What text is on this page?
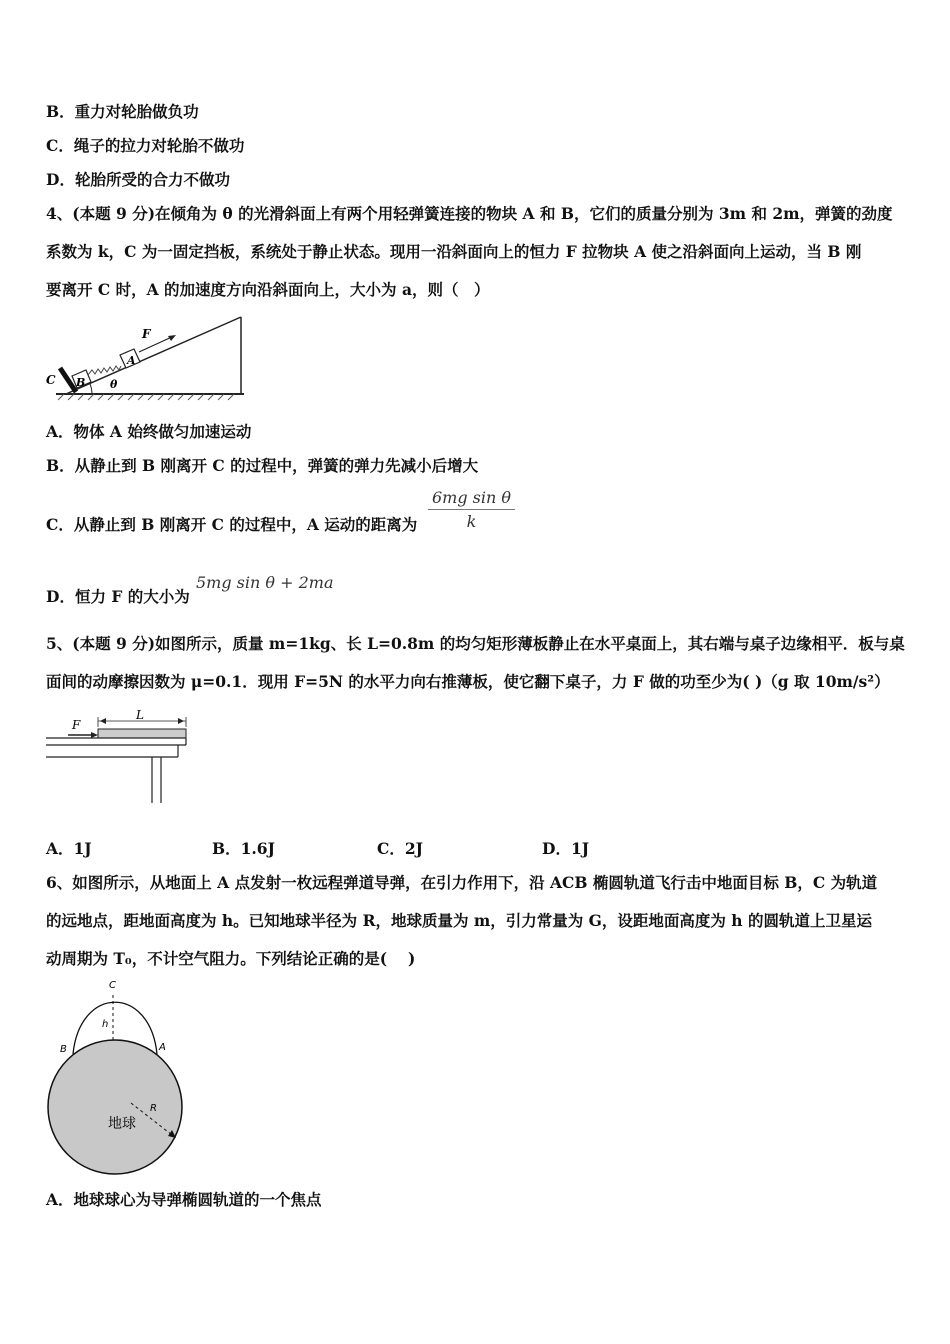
B．重力对轮胎做负功
C．绳子的拉力对轮胎不做功
D．轮胎所受的合力不做功
4、(本题 9 分)在倾角为 θ 的光滑斜面上有两个用轻弹簧连接的物块 A 和 B，它们的质量分别为 3m 和 2m，弹簧的劲度
系数为 k，C 为一固定挡板，系统处于静止状态。现用一沿斜面向上的恒力 F 拉物块 A 使之沿斜面向上运动，当 B 刚
要离开 C 时，A 的加速度方向沿斜面向上，大小为 a，则（　）
F
A
B
C	θ
A．物体 A 始终做匀加速运动
B．从静止到 B 刚离开 C 的过程中，弹簧的弹力先减小后增大
C．从静止到 B 刚离开 C 的过程中，A 运动的距离为 $\frac{\text{6mg sin θ}}{k}$
D．恒力 F 的大小为
5mg sin θ + 2ma
5、(本题 9 分)如图所示，质量 m=1kg、长 L=0.8m 的均匀矩形薄板静止在水平桌面上，其右端与桌子边缘相平．板与桌
面间的动摩擦因数为 μ=0.1．现用 F=5N 的水平力向右推薄板，使它翻下桌子，力 F 做的功至少为( )（g 取 10m/s²）
F
L
A．1J	B．1.6J	C．2J	D．1J
6、如图所示，从地面上 A 点发射一枚远程弹道导弹，在引力作用下，沿 ACB 椭圆轨道飞行击中地面目标 B，C 为轨道
的远地点，距地面高度为 h。已知地球半径为 R，地球质量为 m，引力常量为 G，设距地面高度为 h 的圆轨道上卫星运
动周期为 T₀，不计空气阻力。下列结论正确的是(　 )
C
h
B	A
R
地球
A．地球球心为导弹椭圆轨道的一个焦点
